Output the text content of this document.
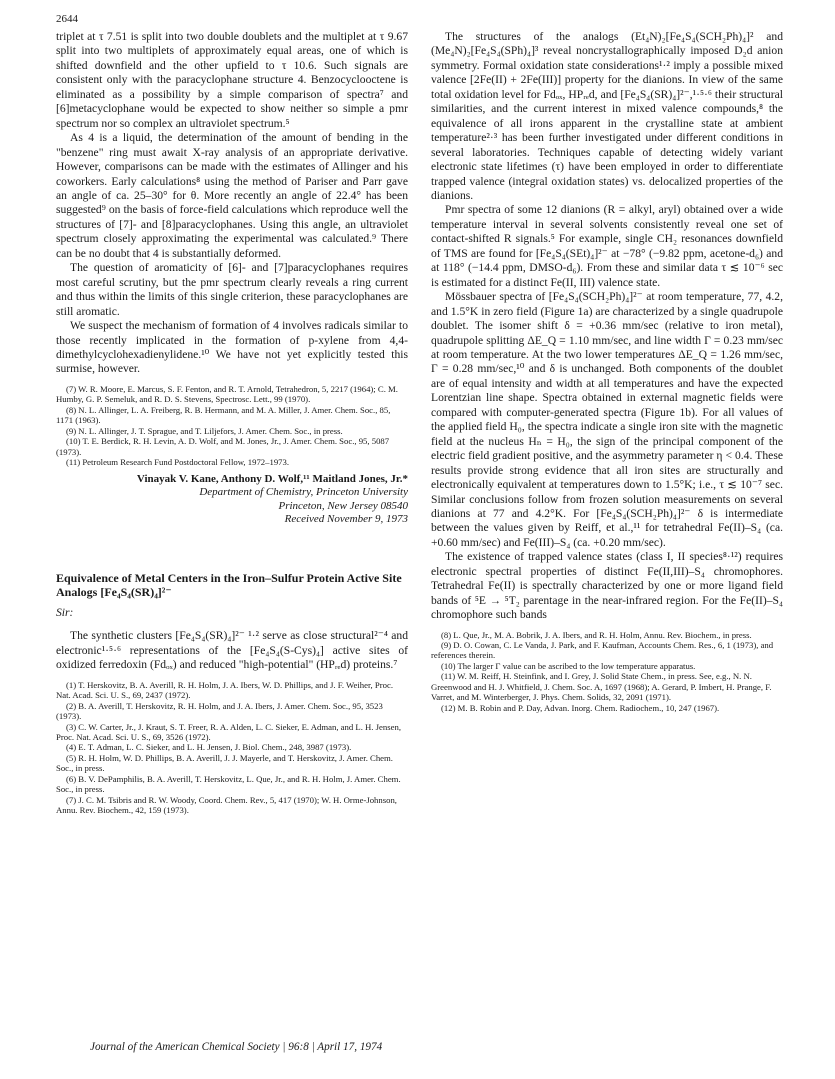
2644

triplet at τ 7.51 is split into two double doublets and the multiplet at τ 9.67 split into two multiplets of approximately equal areas, one of which is shifted downfield and the other upfield to τ 10.6. Such signals are consistent only with the paracyclophane structure 4. Benzocyclooctene is eliminated as a possibility by a simple comparison of spectra⁷ and [6]metacyclophane would be expected to show neither so simple a pmr spectrum nor so complex an ultraviolet spectrum.⁵

As 4 is a liquid, the determination of the amount of bending in the "benzene" ring must await X-ray analysis of an appropriate derivative. However, comparisons can be made with the estimates of Allinger and his coworkers. Early calculations⁸ using the method of Pariser and Parr gave an angle of ca. 25–30° for θ. More recently an angle of 22.4° has been suggested⁹ on the basis of force-field calculations which reproduce well the structures of [7]- and [8]paracyclophanes. Using this angle, an ultraviolet spectrum closely approximating the experimental was calculated.⁹ There can be no doubt that 4 is substantially deformed.

The question of aromaticity of [6]- and [7]paracyclophanes requires most careful scrutiny, but the pmr spectrum clearly reveals a ring current and thus within the limits of this single criterion, these paracyclophanes are still aromatic.

We suspect the mechanism of formation of 4 involves radicals similar to those recently implicated in the formation of p-xylene from 4,4-dimethylcyclohexadienylidene.¹⁰ We have not yet explicitly tested this surmise, however.

(7) W. R. Moore, E. Marcus, S. F. Fenton, and R. T. Arnold, Tetrahedron, 5, 2217 (1964); C. M. Humby, G. P. Semeluk, and R. D. S. Stevens, Spectrosc. Lett., 99 (1970).
(8) N. L. Allinger, L. A. Freiberg, R. B. Hermann, and M. A. Miller, J. Amer. Chem. Soc., 85, 1171 (1963).
(9) N. L. Allinger, J. T. Sprague, and T. Liljefors, J. Amer. Chem. Soc., in press.
(10) T. E. Berdick, R. H. Levin, A. D. Wolf, and M. Jones, Jr., J. Amer. Chem. Soc., 95, 5087 (1973).
(11) Petroleum Research Fund Postdoctoral Fellow, 1972–1973.
Vinayak V. Kane, Anthony D. Wolf,¹¹ Maitland Jones, Jr.*
Department of Chemistry, Princeton University
Princeton, New Jersey 08540
Received November 9, 1973
Equivalence of Metal Centers in the Iron–Sulfur Protein Active Site Analogs [Fe₄S₄(SR)₄]²⁻
Sir:

The synthetic clusters [Fe₄S₄(SR)₄]²⁻ ¹·² serve as close structural²⁻⁴ and electronic¹·⁵·⁶ representations of the [Fe₄S₄(S-Cys)₄] active sites of oxidized ferredoxin (Fdₒₓ) and reduced "high-potential" (HPᵣₑd) proteins.⁷

(1) T. Herskovitz, B. A. Averill, R. H. Holm, J. A. Ibers, W. D. Phillips, and J. F. Weiher, Proc. Nat. Acad. Sci. U. S., 69, 2437 (1972).
(2) B. A. Averill, T. Herskovitz, R. H. Holm, and J. A. Ibers, J. Amer. Chem. Soc., 95, 3523 (1973).
(3) C. W. Carter, Jr., J. Kraut, S. T. Freer, R. A. Alden, L. C. Sieker, E. Adman, and L. H. Jensen, Proc. Nat. Acad. Sci. U. S., 69, 3526 (1972).
(4) E. T. Adman, L. C. Sieker, and L. H. Jensen, J. Biol. Chem., 248, 3987 (1973).
(5) R. H. Holm, W. D. Phillips, B. A. Averill, J. J. Mayerle, and T. Herskovitz, J. Amer. Chem. Soc., in press.
(6) B. V. DePamphilis, B. A. Averill, T. Herskovitz, L. Que, Jr., and R. H. Holm, J. Amer. Chem. Soc., in press.
(7) J. C. M. Tsibris and R. W. Woody, Coord. Chem. Rev., 5, 417 (1970); W. H. Orme-Johnson, Annu. Rev. Biochem., 42, 159 (1973).

The structures of the analogs (Et₄N)₂[Fe₄S₄(SCH₂Ph)₄]² and (Me₄N)₂[Fe₄S₄(SPh)₄]³ reveal noncrystallographically imposed D₂d anion symmetry. Formal oxidation state considerations¹·² imply a possible mixed valence [2Fe(II) + 2Fe(III)] property for the dianions. In view of the same total oxidation level for Fdₒₓ, HPᵣₑd, and [Fe₄S₄(SR)₄]²⁻,¹·⁵·⁶ their structural similarities, and the current interest in mixed valence compounds,⁸ the equivalence of all irons apparent in the crystalline state at ambient temperature²·³ has been further investigated under different conditions in several laboratories. Techniques capable of detecting widely variant electronic state lifetimes (τ) have been employed in order to differentiate trapped valence (integral oxidation states) vs. delocalized properties of the dianions.

Pmr spectra of some 12 dianions (R = alkyl, aryl) obtained over a wide temperature interval in several solvents consistently reveal one set of contact-shifted R signals.⁵ For example, single CH₂ resonances downfield of TMS are found for [Fe₄S₄(SEt)₄]²⁻ at −78° (−9.82 ppm, acetone-d₆) and at 118° (−14.4 ppm, DMSO-d₆). From these and similar data τ ≲ 10⁻⁶ sec is estimated for a distinct Fe(II, III) valence state.

Mössbauer spectra of [Fe₄S₄(SCH₂Ph)₄]²⁻ at room temperature, 77, 4.2, and 1.5°K in zero field (Figure 1a) are characterized by a single quadrupole doublet. The isomer shift δ = +0.36 mm/sec (relative to iron metal), quadrupole splitting ΔE_Q = 1.10 mm/sec, and line width Γ = 0.23 mm/sec at room temperature. At the two lower temperatures ΔE_Q = 1.26 mm/sec, Γ = 0.28 mm/sec,¹⁰ and δ is unchanged. Both components of the doublet are of equal intensity and width at all temperatures and have the expected Lorentzian line shape. Spectra obtained in external magnetic fields were compared with computer-generated spectra (Figure 1b). For all values of the applied field H₀, the spectra indicate a single iron site with the magnetic field at the nucleus Hₙ = H₀, the sign of the principal component of the electric field gradient positive, and the asymmetry parameter η < 0.4. These results provide strong evidence that all iron sites are structurally and electronically equivalent at temperatures down to 1.5°K; i.e., τ ≲ 10⁻⁷ sec. Similar conclusions follow from frozen solution measurements on several dianions at 77 and 4.2°K. For [Fe₄S₄(SCH₂Ph)₄]²⁻ δ is intermediate between the values given by Reiff, et al.,¹¹ for tetrahedral Fe(II)–S₄ (ca. +0.60 mm/sec) and Fe(III)–S₄ (ca. +0.20 mm/sec).

The existence of trapped valence states (class I, II species⁸·¹²) requires electronic spectral properties of distinct Fe(II,III)–S₄ chromophores. Tetrahedral Fe(II) is spectrally characterized by one or more ligand field bands of ⁵E → ⁵T₂ parentage in the near-infrared region. For the Fe(II)–S₄ chromophore such bands

(8) L. Que, Jr., M. A. Bobrik, J. A. Ibers, and R. H. Holm, Annu. Rev. Biochem., in press.
(9) D. O. Cowan, C. Le Vanda, J. Park, and F. Kaufman, Accounts Chem. Res., 6, 1 (1973), and references therein.
(10) The larger Γ value can be ascribed to the low temperature apparatus.
(11) W. M. Reiff, H. Steinfink, and I. Grey, J. Solid State Chem., in press. See, e.g., N. N. Greenwood and H. J. Whitfield, J. Chem. Soc. A, 1697 (1968); A. Gerard, P. Imbert, H. Prange, F. Varret, and M. Winterberger, J. Phys. Chem. Solids, 32, 2091 (1971).
(12) M. B. Robin and P. Day, Advan. Inorg. Chem. Radiochem., 10, 247 (1967).
Journal of the American Chemical Society | 96:8 | April 17, 1974
